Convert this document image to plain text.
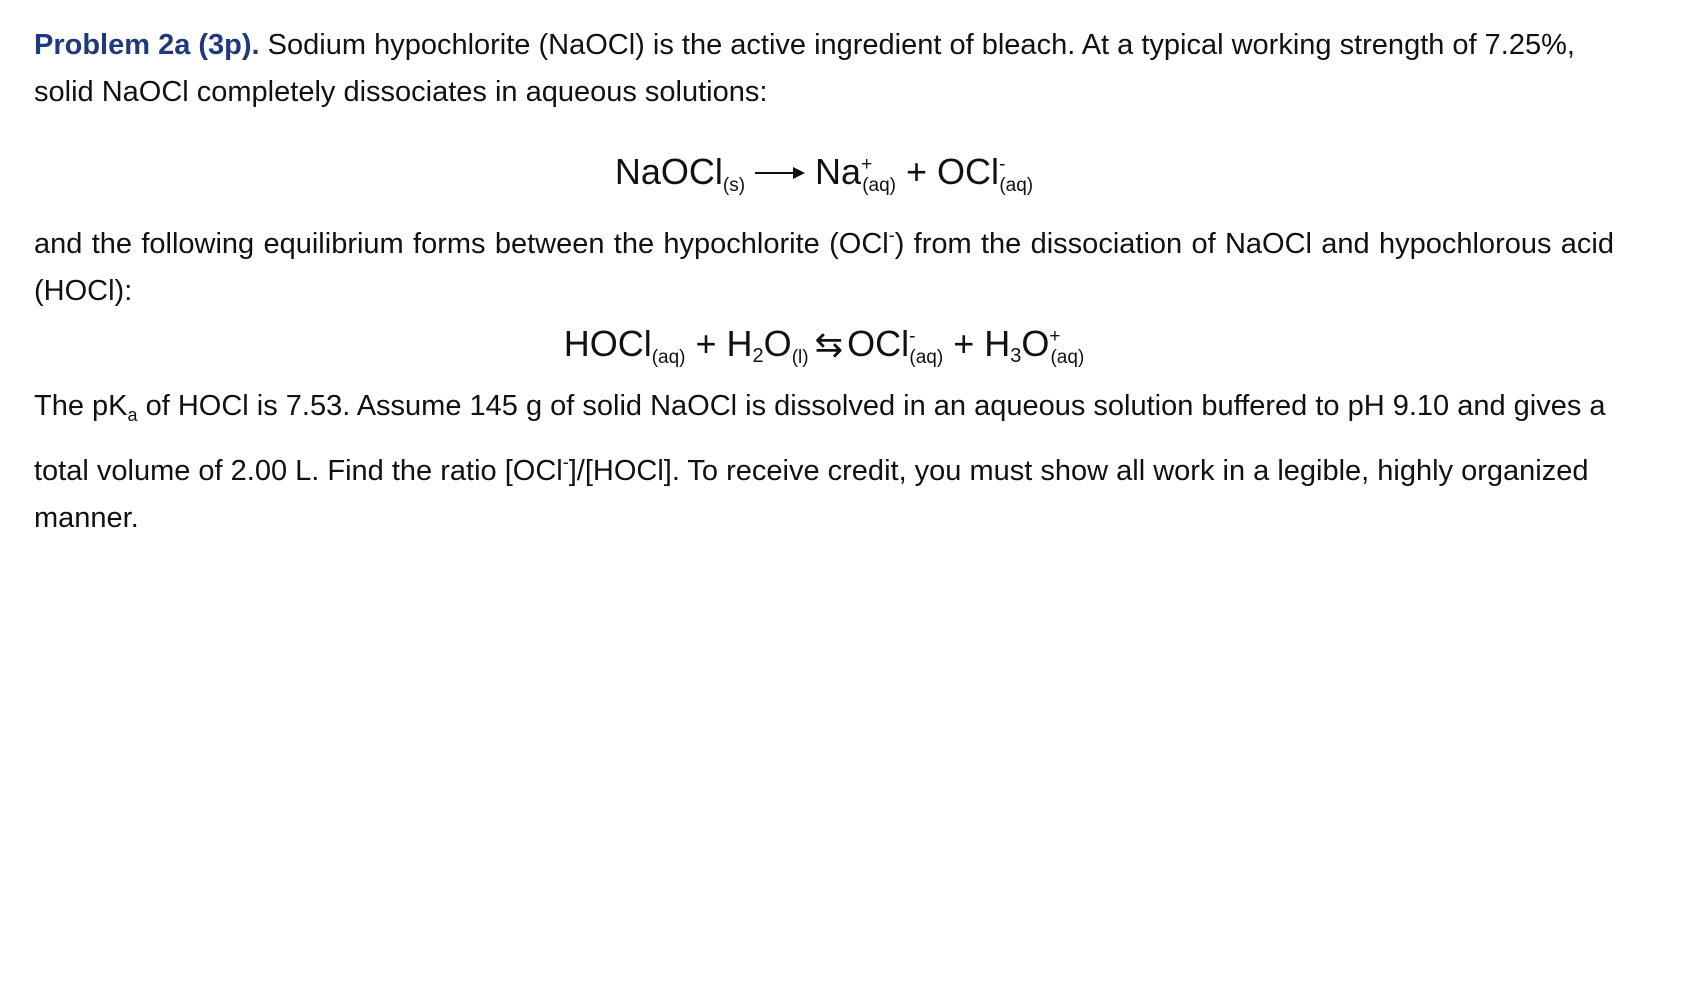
Problem 2a (3p). Sodium hypochlorite (NaOCl) is the active ingredient of bleach. At a typical working strength of 7.25%, solid NaOCl completely dissociates in aqueous solutions:

NaOCl$_{(s)}$ Na+(aq) + OCl-(aq)

and the following equilibrium forms between the hypochlorite (OCl-) from the dissociation of NaOCl and hypochlorous acid (HOCl):

HOCl$_{(aq)}$ + $H2O_{(l)}$ ⇆ OCl-(aq) + H3O+(aq)

The $pK_a$ of HOCl is 7.53. Assume 145 g of solid NaOCl is dissolved in an aqueous solution buffered to pH 9.10 and gives a total volume of 2.00 L. Find the ratio [OCl-]/[HOCl]. To receive credit, you must show all work in a legible, highly organized manner.
